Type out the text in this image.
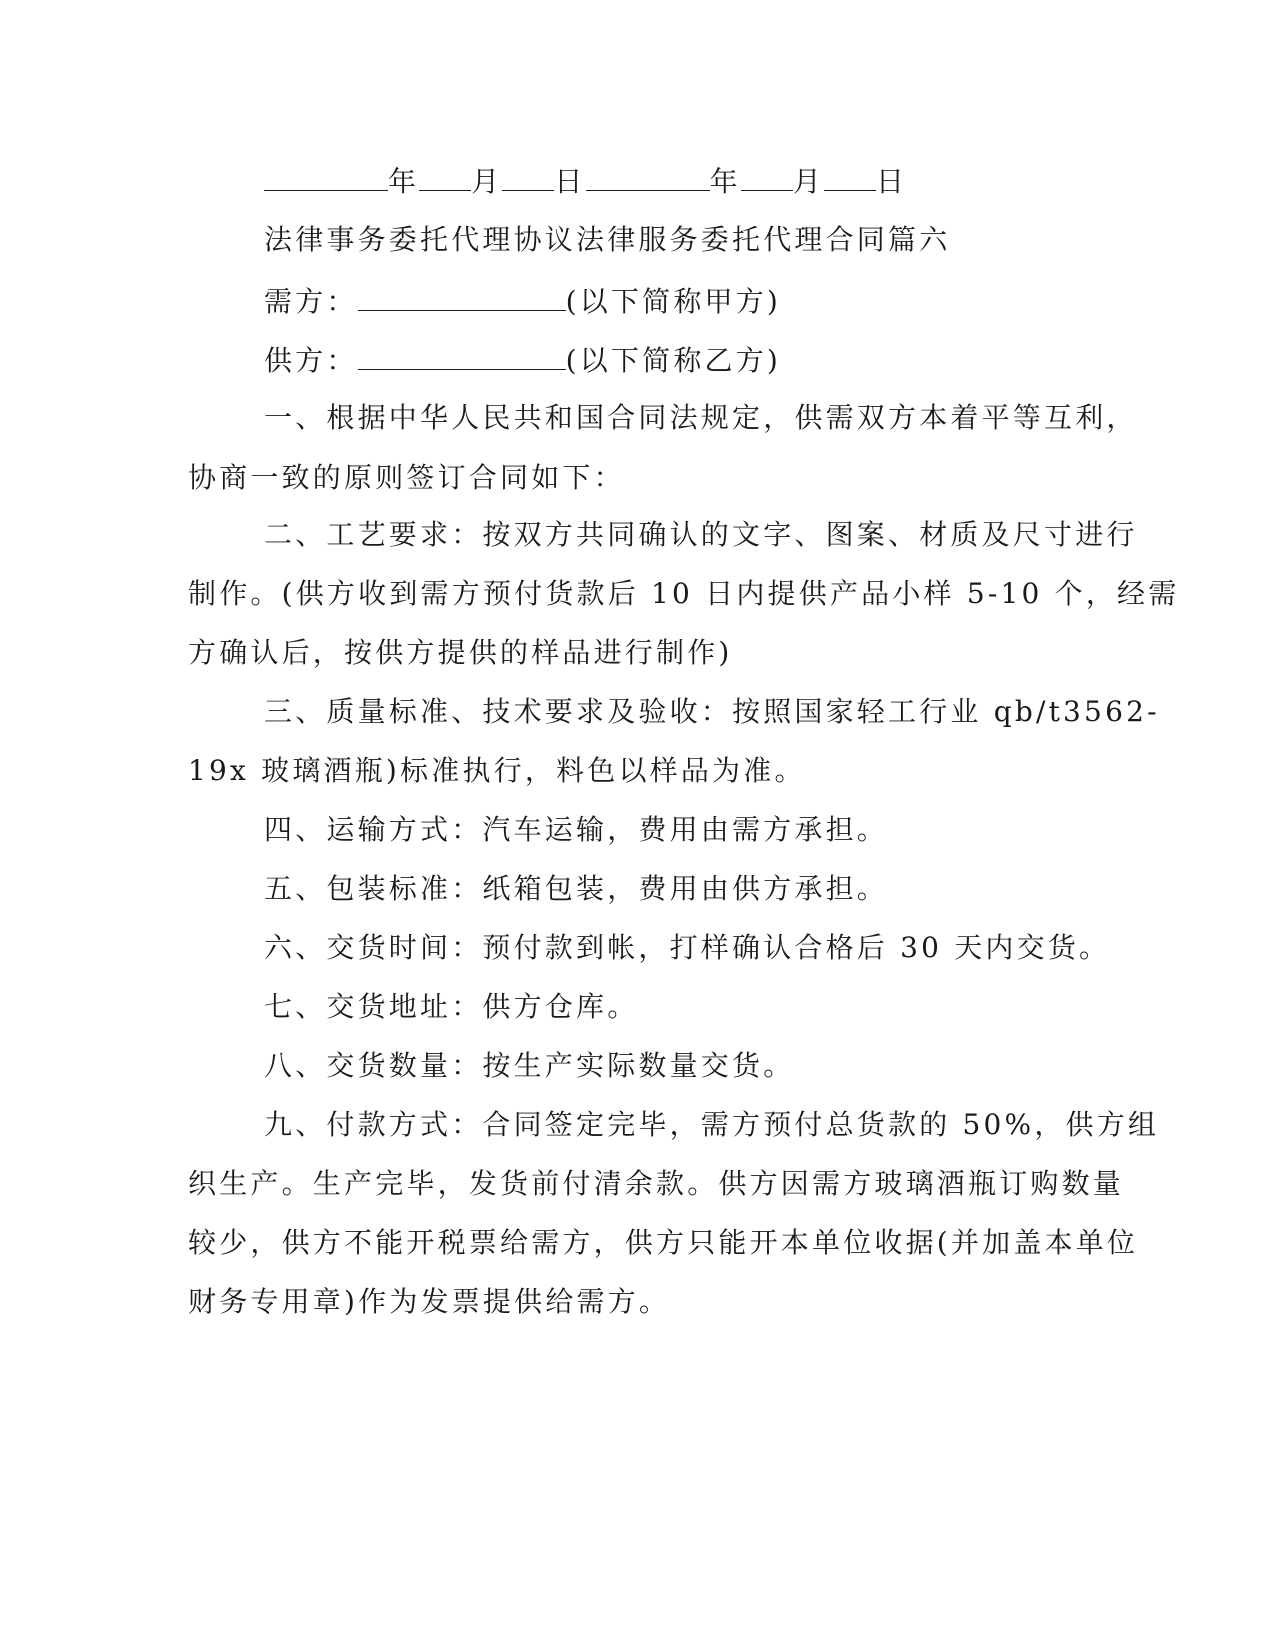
年 月 日	年 月 日
法律事务委托代理协议法律服务委托代理合同篇六
需方：	(以下简称甲方)
供方：	(以下简称乙方)
一、根据中华人民共和国合同法规定，供需双方本着平等互利，
协商一致的原则签订合同如下：
二、工艺要求：按双方共同确认的文字、图案、材质及尺寸进行
制作。(供方收到需方预付货款后 10 日内提供产品小样 5-10 个，经需
方确认后，按供方提供的样品进行制作)
三、质量标准、技术要求及验收：按照国家轻工行业 qb/t3562-
19x 玻璃酒瓶)标准执行，料色以样品为准。
四、运输方式：汽车运输，费用由需方承担。
五、包装标准：纸箱包装，费用由供方承担。
六、交货时间：预付款到帐，打样确认合格后 30 天内交货。
七、交货地址：供方仓库。
八、交货数量：按生产实际数量交货。
九、付款方式：合同签定完毕，需方预付总货款的 50%，供方组
织生产。生产完毕，发货前付清余款。供方因需方玻璃酒瓶订购数量
较少，供方不能开税票给需方，供方只能开本单位收据(并加盖本单位
财务专用章)作为发票提供给需方。
